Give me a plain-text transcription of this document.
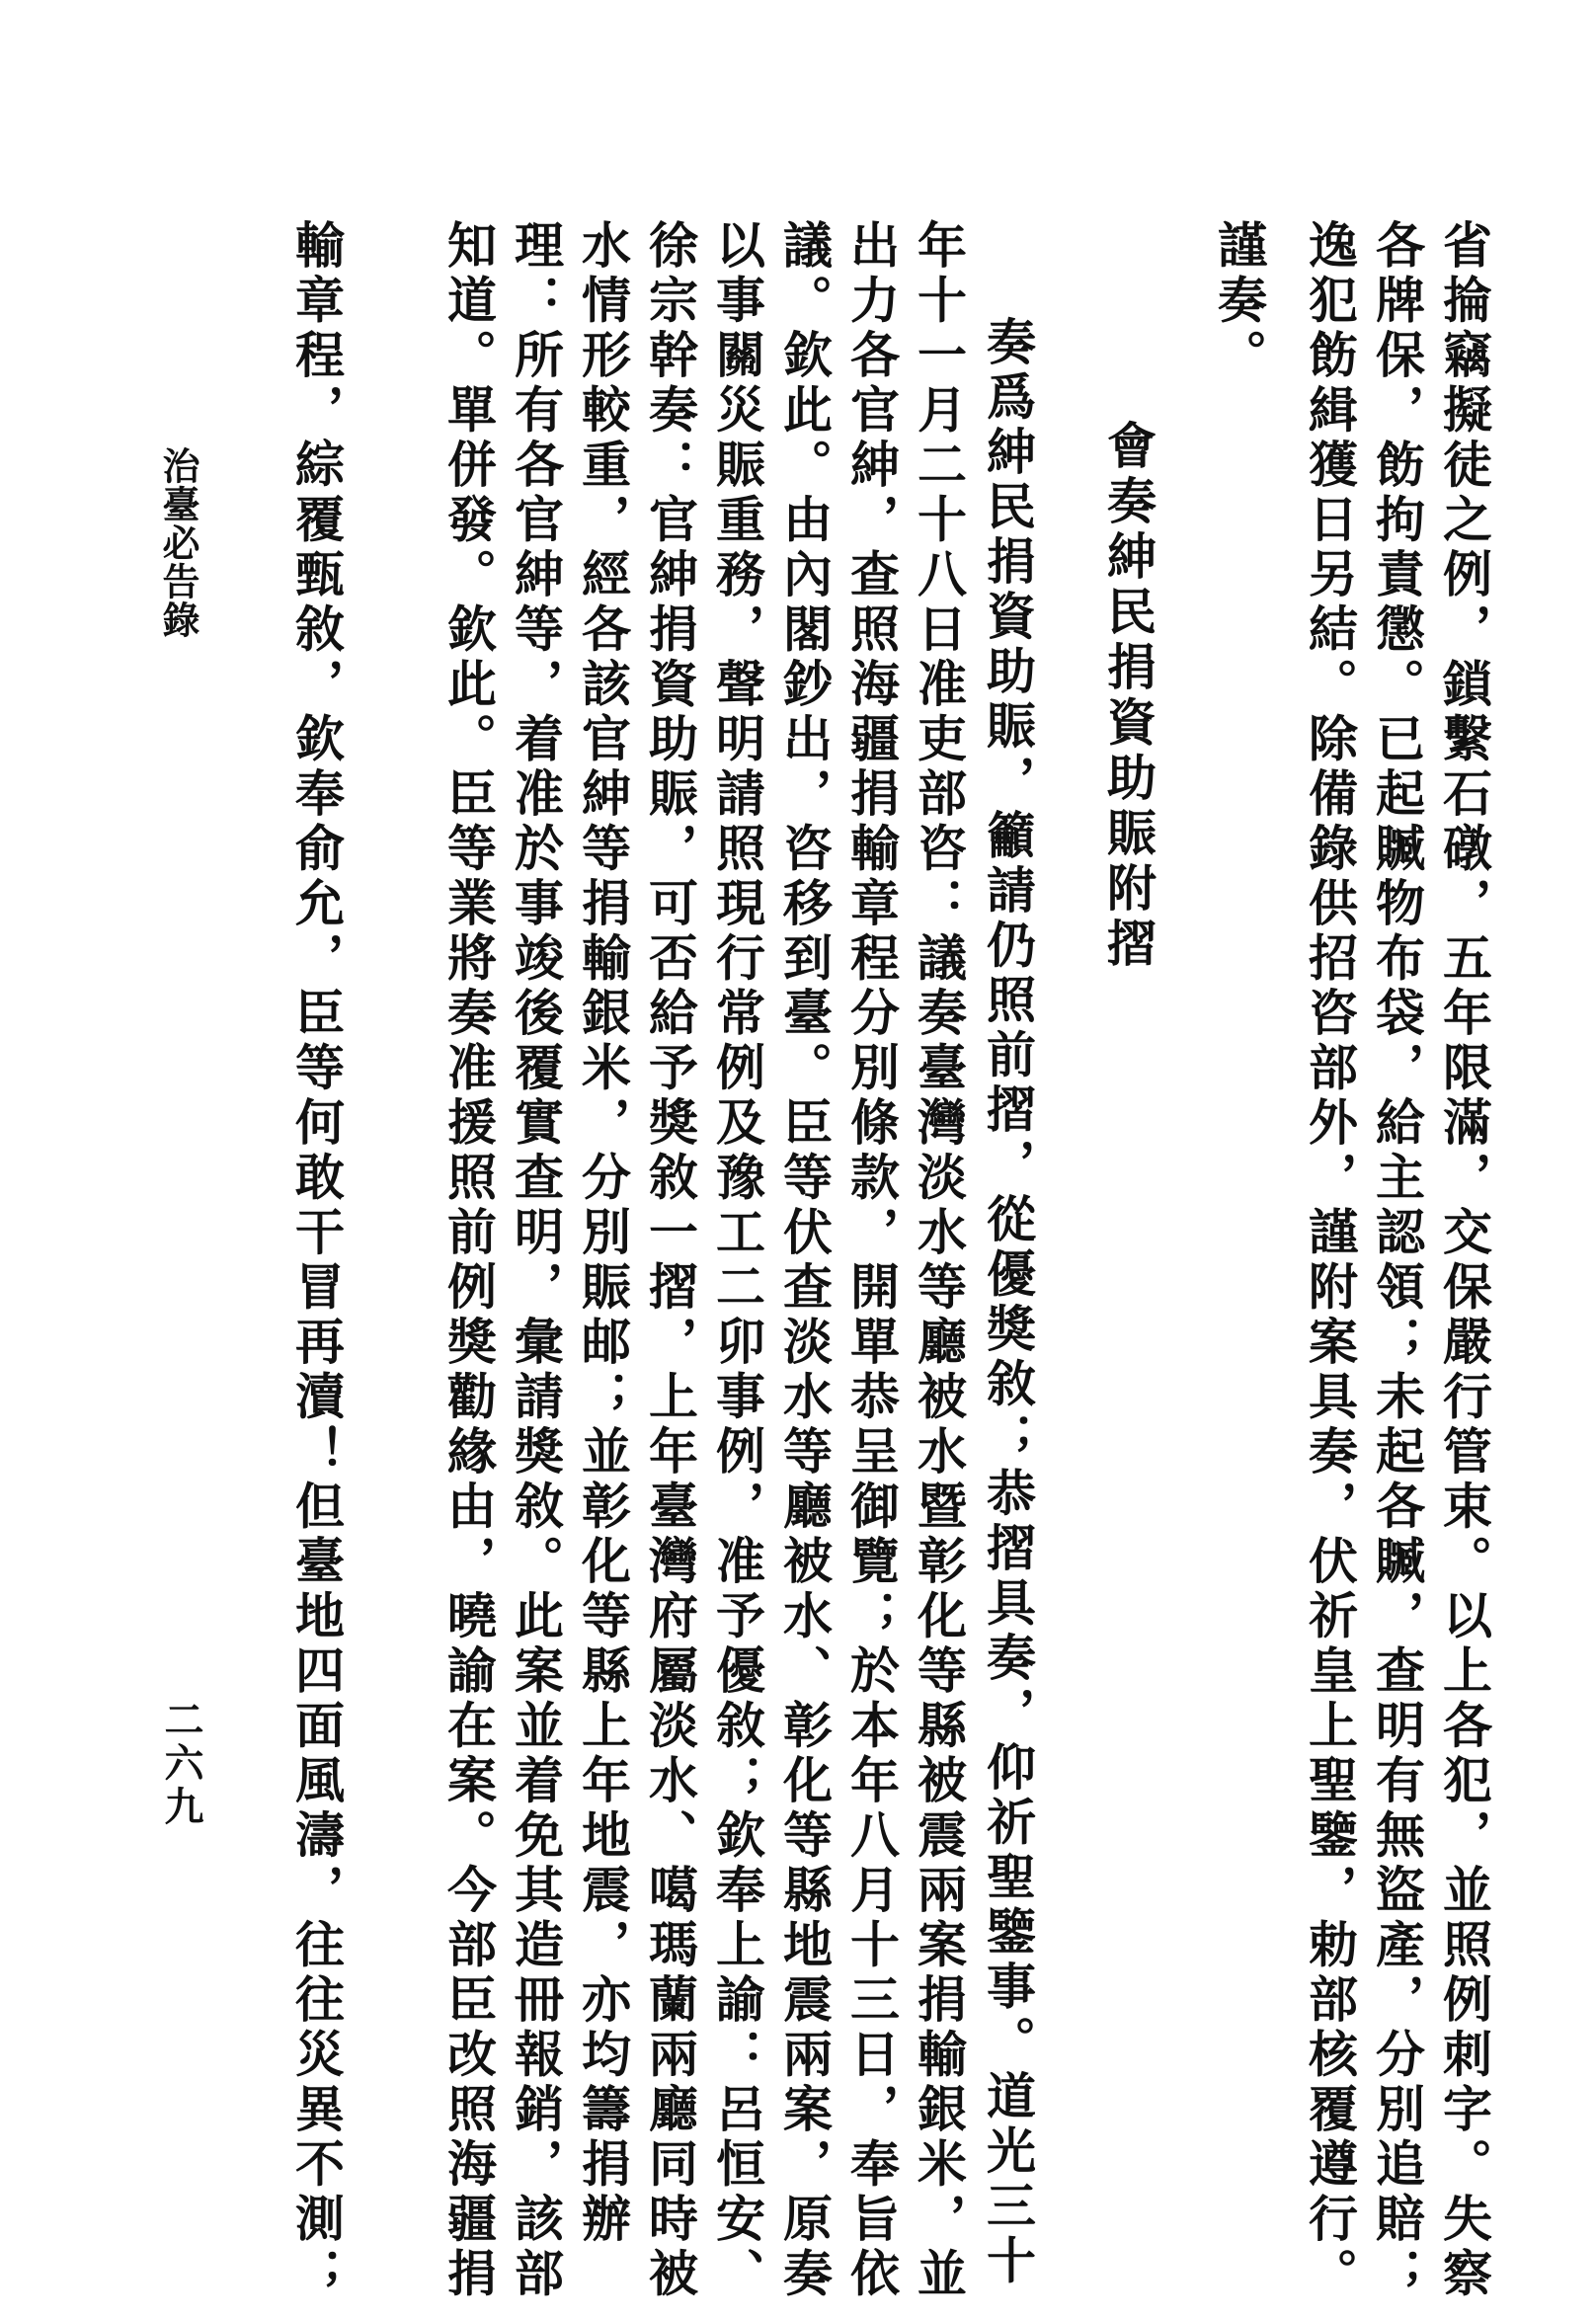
省掄竊擬徒之例，鎖繫石礅，五年限滿，交保嚴行管束。以上各犯，並照例刺字。失察
各牌保，飭拘責懲。已起贓物布袋，給主認領；未起各贓，查明有無盜產，分別追賠；
逸犯飭緝獲日另結。除備錄供招咨部外，謹附案具奏，伏祈皇上聖鑒，勅部核覆遵行。
謹奏。
會奏紳民捐資助賑附摺
奏爲紳民捐資助賑，籲請仍照前摺，從優獎敘；恭摺具奏，仰祈聖鑒事。道光三十
年十一月二十八日准吏部咨：議奏臺灣淡水等廳被水暨彰化等縣被震兩案捐輸銀米，並
出力各官紳，查照海疆捐輸章程分別條款，開單恭呈御覽；於本年八月十三日，奉旨依
議。欽此。由內閣鈔出，咨移到臺。臣等伏查淡水等廳被水、彰化等縣地震兩案，原奏
以事關災賑重務，聲明請照現行常例及豫工二卯事例，准予優敘；欽奉上諭：呂恒安、
徐宗幹奏：官紳捐資助賑，可否給予獎敘一摺，上年臺灣府屬淡水、噶瑪蘭兩廳同時被
水情形較重，經各該官紳等捐輸銀米，分別賑邮；並彰化等縣上年地震，亦均籌捐辦
理：所有各官紳等，着准於事竣後覆實查明，彙請獎敘。此案並着免其造冊報銷，該部
知道。單併發。欽此。臣等業將奏准援照前例獎勸緣由，曉諭在案。今部臣改照海疆捐
輸章程，綜覆甄敘，欽奉俞允，臣等何敢干冒再瀆！但臺地四面風濤，往往災異不測；
治臺必告錄
二六九
